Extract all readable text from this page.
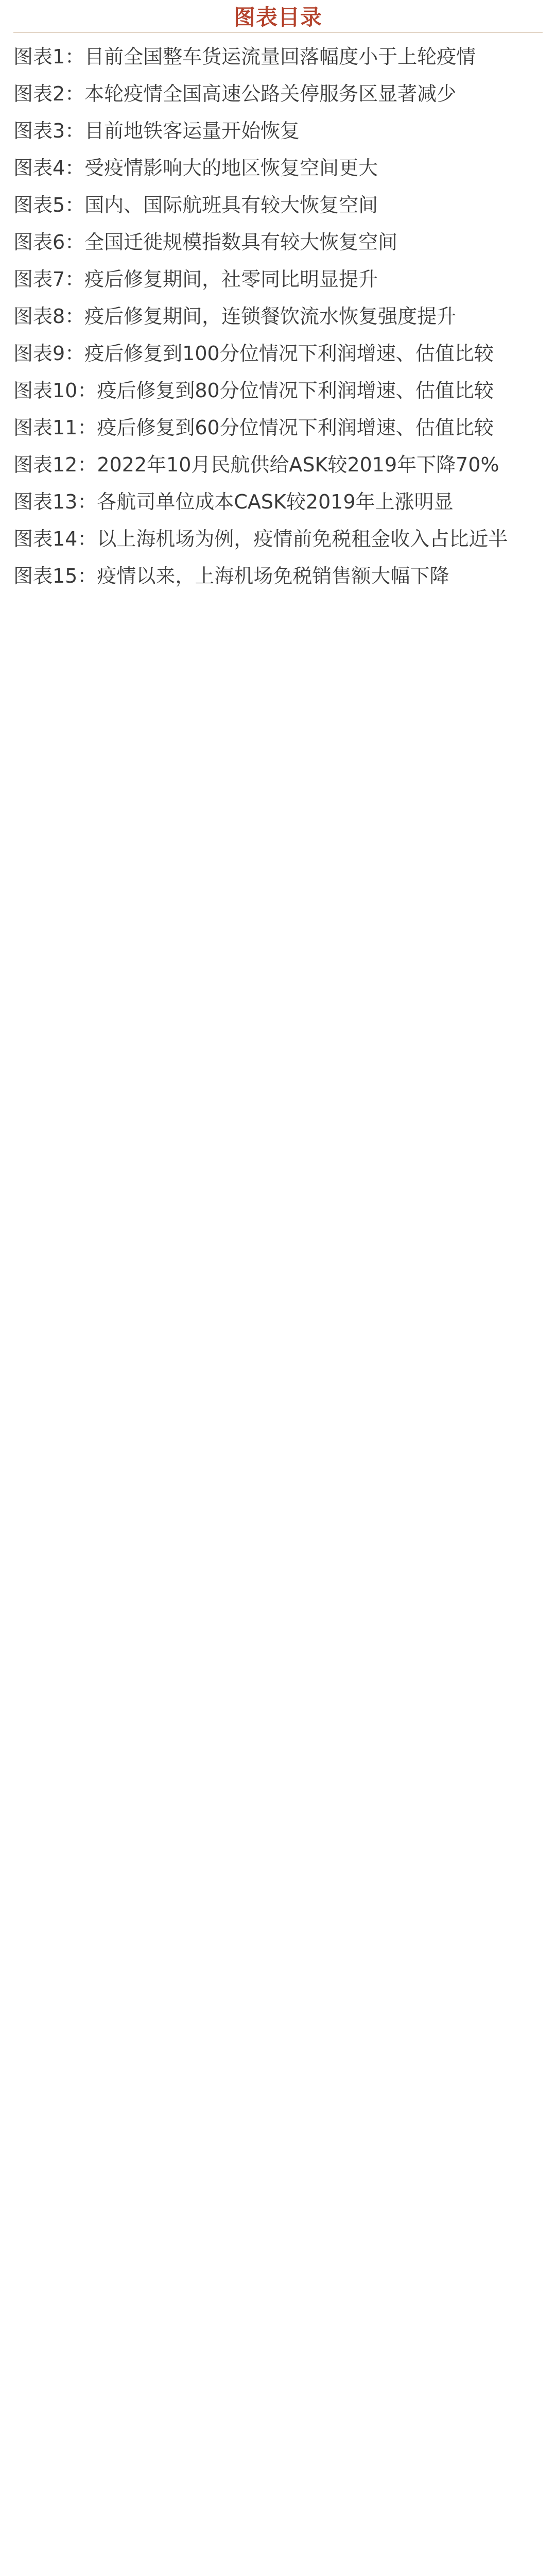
图表目录
图表1：目前全国整车货运流量回落幅度小于上轮疫情
图表2：本轮疫情全国高速公路关停服务区显著减少
图表3：目前地铁客运量开始恢复
图表4：受疫情影响大的地区恢复空间更大
图表5：国内、国际航班具有较大恢复空间
图表6：全国迁徙规模指数具有较大恢复空间
图表7：疫后修复期间，社零同比明显提升
图表8：疫后修复期间，连锁餐饮流水恢复强度提升
图表9：疫后修复到100分位情况下利润增速、估值比较
图表10：疫后修复到80分位情况下利润增速、估值比较
图表11：疫后修复到60分位情况下利润增速、估值比较
图表12：2022年10月民航供给ASK较2019年下降70%
图表13：各航司单位成本CASK较2019年上涨明显
图表14：以上海机场为例，疫情前免税租金收入占比近半
图表15：疫情以来，上海机场免税销售额大幅下降
